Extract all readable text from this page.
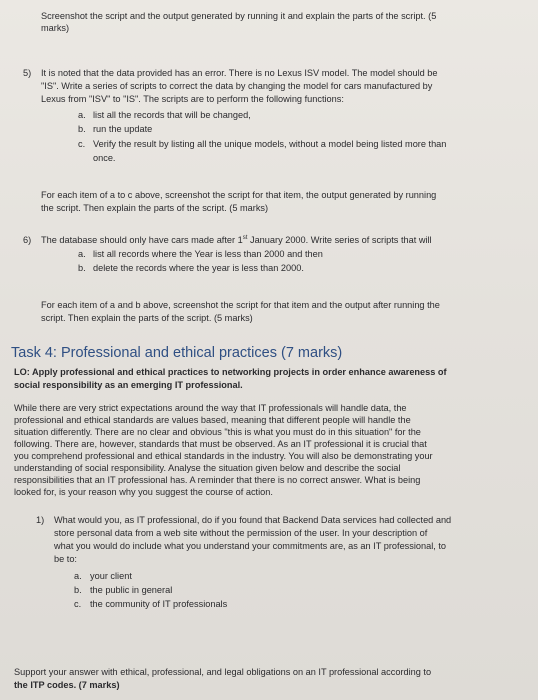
Screenshot the script and the output generated by running it and explain the parts of the script. (5
marks)
5) It is noted that the data provided has an error. There is no Lexus ISV model. The model should be
"IS". Write a series of scripts to correct the data by changing the model for cars manufactured by
Lexus from "ISV" to "IS". The scripts are to perform the following functions:
a. list all the records that will be changed,
b. run the update
c. Verify the result by listing all the unique models, without a model being listed more than
once.
For each item of a to c above, screenshot the script for that item, the output generated by running
the script. Then explain the parts of the script. (5 marks)
6) The database should only have cars made after 1st January 2000. Write series of scripts that will
a. list all records where the Year is less than 2000 and then
b. delete the records where the year is less than 2000.
For each item of a and b above, screenshot the script for that item and the output after running the
script. Then explain the parts of the script. (5 marks)
Task 4: Professional and ethical practices (7 marks)
LO: Apply professional and ethical practices to networking projects in order enhance awareness of
social responsibility as an emerging IT professional.
While there are very strict expectations around the way that IT professionals will handle data, the
professional and ethical standards are values based, meaning that different people will handle the
situation differently. There are no clear and obvious "this is what you must do in this situation" for the
following. There are, however, standards that must be observed. As an IT professional it is crucial that
you comprehend professional and ethical standards in the industry. You will also be demonstrating your
understanding of social responsibility. Analyse the situation given below and describe the social
responsibilities that an IT professional has. A reminder that there is no correct answer. What is being
looked for, is your reason why you suggest the course of action.
1) What would you, as IT professional, do if you found that Backend Data services had collected and
store personal data from a web site without the permission of the user. In your description of
what you would do include what you understand your commitments are, as an IT professional, to
be to:
a. your client
b. the public in general
c. the community of IT professionals
Support your answer with ethical, professional, and legal obligations on an IT professional according to
the ITP codes. (7 marks)
